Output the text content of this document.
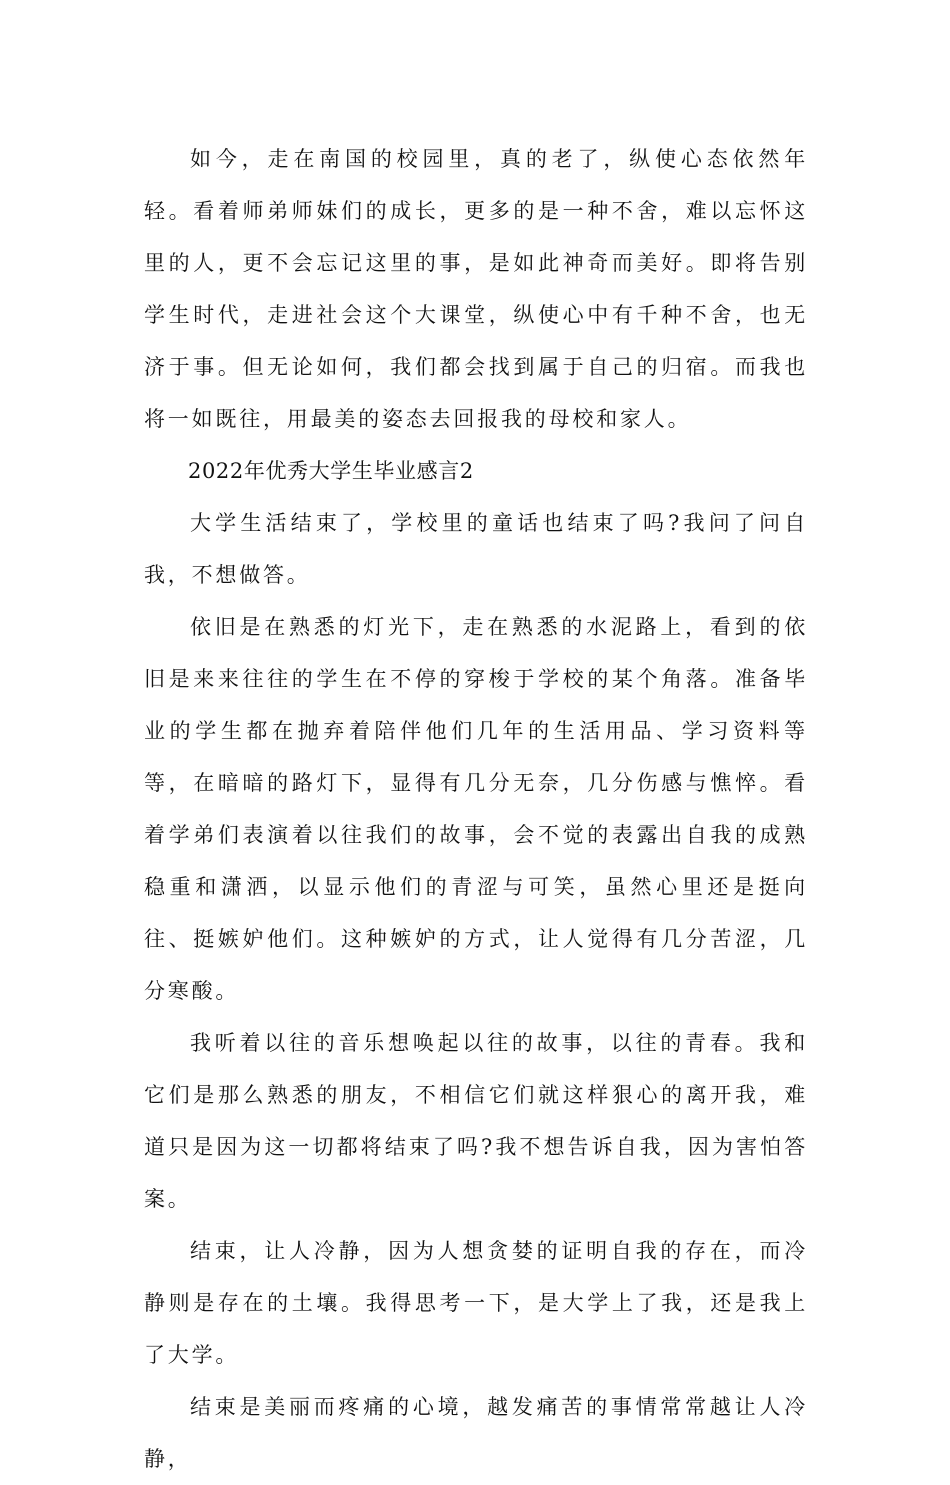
如今，走在南国的校园里，真的老了，纵使心态依然年轻。看着师弟师妹们的成长，更多的是一种不舍，难以忘怀这里的人，更不会忘记这里的事，是如此神奇而美好。即将告别学生时代，走进社会这个大课堂，纵使心中有千种不舍，也无济于事。但无论如何，我们都会找到属于自己的归宿。而我也将一如既往，用最美的姿态去回报我的母校和家人。

2022年优秀大学生毕业感言2

大学生活结束了，学校里的童话也结束了吗?我问了问自我，不想做答。

依旧是在熟悉的灯光下，走在熟悉的水泥路上，看到的依旧是来来往往的学生在不停的穿梭于学校的某个角落。准备毕业的学生都在抛弃着陪伴他们几年的生活用品、学习资料等等，在暗暗的路灯下，显得有几分无奈，几分伤感与憔悴。看着学弟们表演着以往我们的故事，会不觉的表露出自我的成熟稳重和潇洒，以显示他们的青涩与可笑，虽然心里还是挺向往、挺嫉妒他们。这种嫉妒的方式，让人觉得有几分苦涩，几分寒酸。

我听着以往的音乐想唤起以往的故事，以往的青春。我和它们是那么熟悉的朋友，不相信它们就这样狠心的离开我，难道只是因为这一切都将结束了吗?我不想告诉自我，因为害怕答案。

结束，让人冷静，因为人想贪婪的证明自我的存在，而冷静则是存在的土壤。我得思考一下，是大学上了我，还是我上了大学。

结束是美丽而疼痛的心境，越发痛苦的事情常常越让人冷静，
